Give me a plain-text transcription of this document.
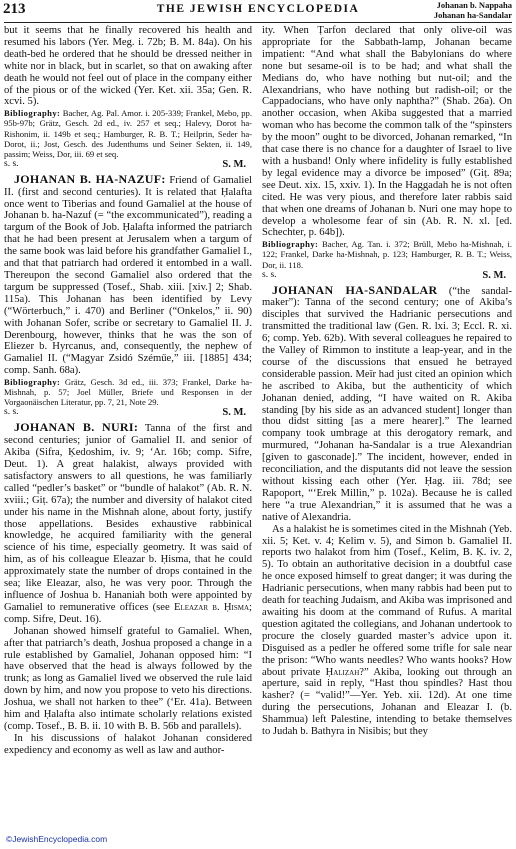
213	THE JEWISH ENCYCLOPEDIA	Johanan b. Nappaha
Johanan ha-Sandalar

but it seems that he finally recovered his health and resumed his labors (Yer. Meg. i. 72b; B. M. 84a). On his death-bed he ordered that he should be dressed neither in white nor in black, but in scarlet, so that on awaking after death he would not feel out of place in the company either of the pious or of the wicked (Yer. Ket. xii. 35a; Gen. R. xcvi. 5).

Bibliography: Bacher, Ag. Pal. Amor. i. 205-339; Frankel, Mebo, pp. 95b-97b; Grätz, Gesch. 2d ed., iv. 257 et seq.; Halevy, Dorot ha-Rishonim, ii. 149b et seq.; Hamburger, R. B. T.; Heilprin, Seder ha-Dorot, ii.; Jost, Gesch. des Judenthums und Seiner Sekten, ii. 149, passim; Weiss, Dor, iii. 69 et seq.

s. s.	S. M.

JOHANAN B. HA-NAZUF: Friend of Gamaliel II. (first and second centuries). It is related that Ḥalafta once went to Tiberias and found Gamaliel at the house of Johanan b. ha-Nazuf (= “the excommunicated”), reading a targum of the Book of Job. Ḥalafta informed the patriarch that he had been present at Jerusalem when a targum of the same book was laid before his grandfather Gamaliel I., and that that patriarch had ordered it entombed in a wall. Thereupon the second Gamaliel also ordered that the targum be suppressed (Tosef., Shab. xiii. [xiv.] 2; Shab. 115a). This Johanan has been identified by Levy (“Wörterbuch,” i. 470) and Berliner (“Onkelos,” ii. 90) with Johanan Sofer, scribe or secretary to Gamaliel II. J. Derenbourg, however, thinks that he was the son of Eliezer b. Hyrcanus, and, consequently, the nephew of Gamaliel II. (“Magyar Zsidó Széműe,” iii. [1885] 434; comp. Sanh. 68a).

Bibliography: Grätz, Gesch. 3d ed., iii. 373; Frankel, Darke ha-Mishnah, p. 57; Joel Müller, Briefe und Responsen in der Vorgaonäischen Literatur, pp. 7, 21, Note 29.

s. s.	S. M.

JOHANAN B. NURI: Tanna of the first and second centuries; junior of Gamaliel II. and senior of Akiba (Sifra, Ḳedoshim, iv. 9; ‘Ar. 16b; comp. Sifre, Deut. 1). A great halakist, always provided with satisfactory answers to all questions, he was familiarly called “pedler’s basket” or “bundle of halakot” (Ab. R. N. xviii.; Giṭ. 67a); the number and diversity of halakot cited under his name in the Mishnah alone, about forty, justify those appellations. Besides exhaustive rabbinical knowledge, he acquired familiarity with the general science of his time, especially geometry. It was said of him, as of his colleague Eleazar b. Ḥisma, that he could approximately state the number of drops contained in the sea; like Eleazar, also, he was very poor. Through the influence of Joshua b. Hananiah both were appointed by Gamaliel to remunerative offices (see Eleazar b. Ḥisma; comp. Sifre, Deut. 16).

Johanan showed himself grateful to Gamaliel. When, after that patriarch’s death, Joshua proposed a change in a rule established by Gamaliel, Johanan opposed him: “I have observed that the head is always followed by the trunk; as long as Gamaliel lived we observed the rule laid down by him, and now you propose to veto his directions. Joshua, we shall not harken to thee” (‘Er. 41a). Between him and Ḥalafta also intimate scholarly relations existed (comp. Tosef., B. B. ii. 10 with B. B. 56b and parallels).

In his discussions of halakot Johanan considered expediency and economy as well as law and author-

ity. When Ṭarfon declared that only olive-oil was appropriate for the Sabbath-lamp, Johanan became impatient: “And what shall the Babylonians do where none but sesame-oil is to be had; and what shall the Medians do, who have nothing but nut-oil; and the Alexandrians, who have nothing but radish-oil; or the Cappadocians, who have only naphtha?” (Shab. 26a). On another occasion, when Akiba suggested that a married woman who has become the common talk of the “spinsters by the moon” ought to be divorced, Johanan remarked, “In that case there is no chance for a daughter of Israel to live with a husband! Only where infidelity is fully established by legal evidence may a divorce be imposed” (Giṭ. 89a; see Deut. xix. 15, xxiv. 1). In the Haggadah he is not often cited. He was very pious, and therefore later rabbis said that when one dreams of Johanan b. Nuri one may hope to develop a wholesome fear of sin (Ab. R. N. xl. [ed. Schechter, p. 64b]).

Bibliography: Bacher, Ag. Tan. i. 372; Brüll, Mebo ha-Mishnah, i. 122; Frankel, Darke ha-Mishnah, p. 123; Hamburger, R. B. T.; Weiss, Dor, ii. 118.

s. s.	S. M.

JOHANAN HA-SANDALAR (“the sandal-maker”): Tanna of the second century; one of Akiba’s disciples that survived the Hadrianic persecutions and transmitted the traditional law (Gen. R. lxi. 3; Eccl. R. xi. 6; comp. Yeb. 62b). With several colleagues he repaired to the Valley of Rimmon to institute a leap-year, and in the course of the discussions that ensued he betrayed considerable passion. Meïr had just cited an opinion which he ascribed to Akiba, but the authenticity of which Johanan denied, adding, “I have waited on R. Akiba standing [by his side as an advanced student] longer than thou didst sitting [as a mere hearer].” The learned company took umbrage at this derogatory remark, and murmured, “Johanan ha-Sandalar is a true Alexandrian [given to gasconade].” The incident, however, ended in reconciliation, and the disputants did not leave the session without kissing each other (Yer. Ḥag. iii. 78d; see Rapoport, “‘Erek Millin,” p. 102a). Because he is called here “a true Alexandrian,” it is assumed that he was a native of Alexandria.

As a halakist he is sometimes cited in the Mishnah (Yeb. xii. 5; Ket. v. 4; Kelim v. 5), and Simon b. Gamaliel II. reports two halakot from him (Tosef., Kelim, B. Ḳ. iv. 2, 5). To obtain an authoritative decision in a doubtful case he once exposed himself to great danger; it was during the Hadrianic persecutions, when many rabbis had been put to death for teaching Judaism, and Akiba was imprisoned and awaiting his doom at the command of Rufus. A marital question agitated the collegians, and Johanan undertook to procure the closely guarded master’s advice upon it. Disguised as a pedler he offered some trifle for sale near the prison: “Who wants needles? Who wants hooks? How about private Ḥaliẓah?” Akiba, looking out through an aperture, said in reply, “Hast thou spindles? Hast thou kasher? (= “valid!”—Yer. Yeb. xii. 12d). At one time during the persecutions, Johanan and Eleazar I. (b. Shammua) left Palestine, intending to betake themselves to Judah b. Bathyra in Nisibis; but they

©JewishEncyclopedia.com
